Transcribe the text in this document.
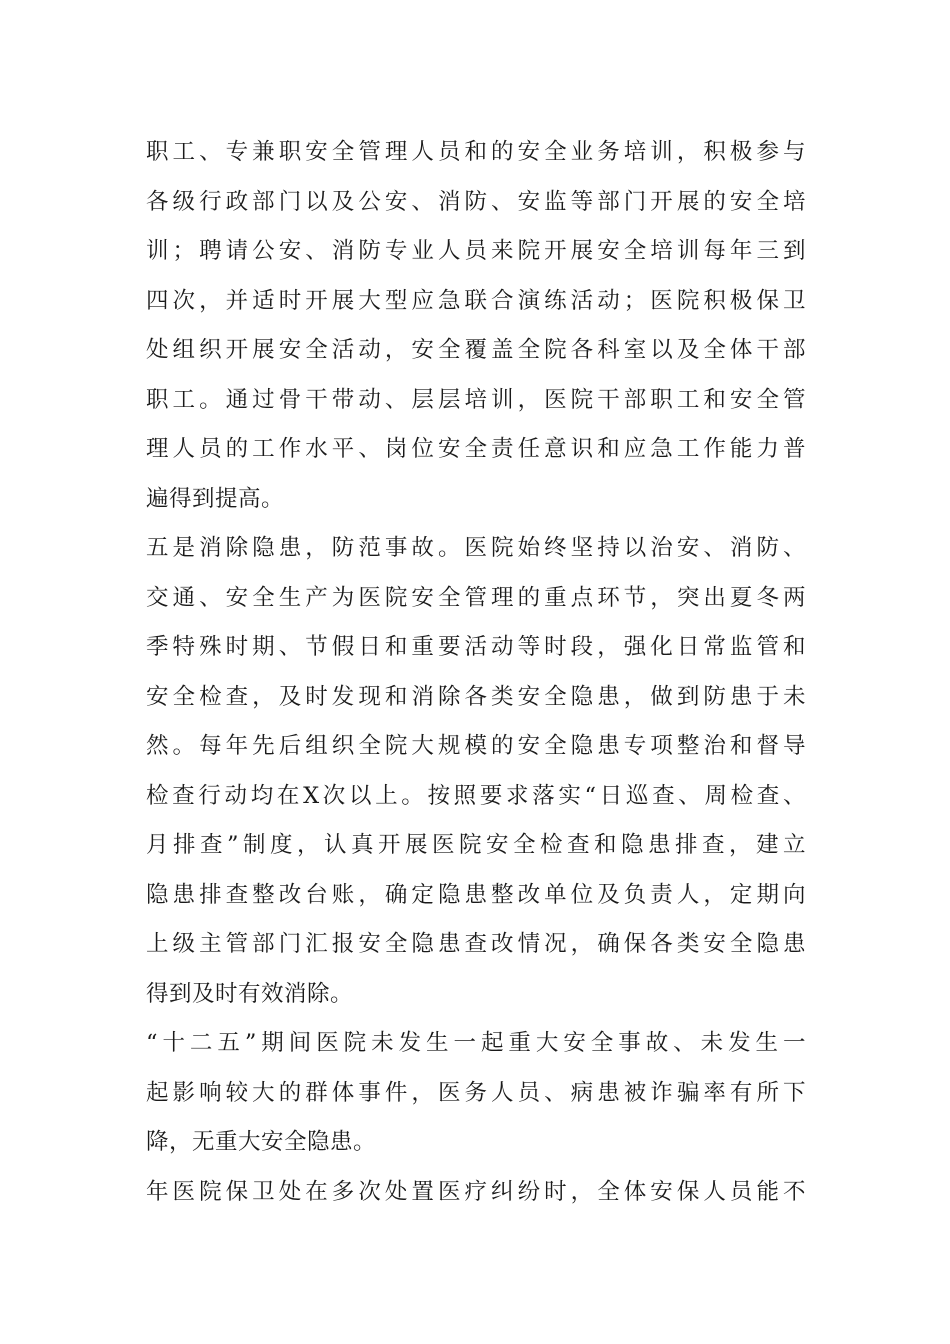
职工、专兼职安全管理人员和的安全业务培训，积极参与
各级行政部门以及公安、消防、安监等部门开展的安全培
训；聘请公安、消防专业人员来院开展安全培训每年三到
四次，并适时开展大型应急联合演练活动；医院积极保卫
处组织开展安全活动，安全覆盖全院各科室以及全体干部
职工。通过骨干带动、层层培训，医院干部职工和安全管
理人员的工作水平、岗位安全责任意识和应急工作能力普
遍得到提高。
五是消除隐患，防范事故。医院始终坚持以治安、消防、
交通、安全生产为医院安全管理的重点环节，突出夏冬两
季特殊时期、节假日和重要活动等时段，强化日常监管和
安全检查，及时发现和消除各类安全隐患，做到防患于未
然。每年先后组织全院大规模的安全隐患专项整治和督导
检查行动均在X次以上。按照要求落实“日巡查、周检查、
月排查”制度，认真开展医院安全检查和隐患排查，建立
隐患排查整改台账，确定隐患整改单位及负责人，定期向
上级主管部门汇报安全隐患查改情况，确保各类安全隐患
得到及时有效消除。
“十二五”期间医院未发生一起重大安全事故、未发生一
起影响较大的群体事件，医务人员、病患被诈骗率有所下
降，无重大安全隐患。
年医院保卫处在多次处置医疗纠纷时，全体安保人员能不
